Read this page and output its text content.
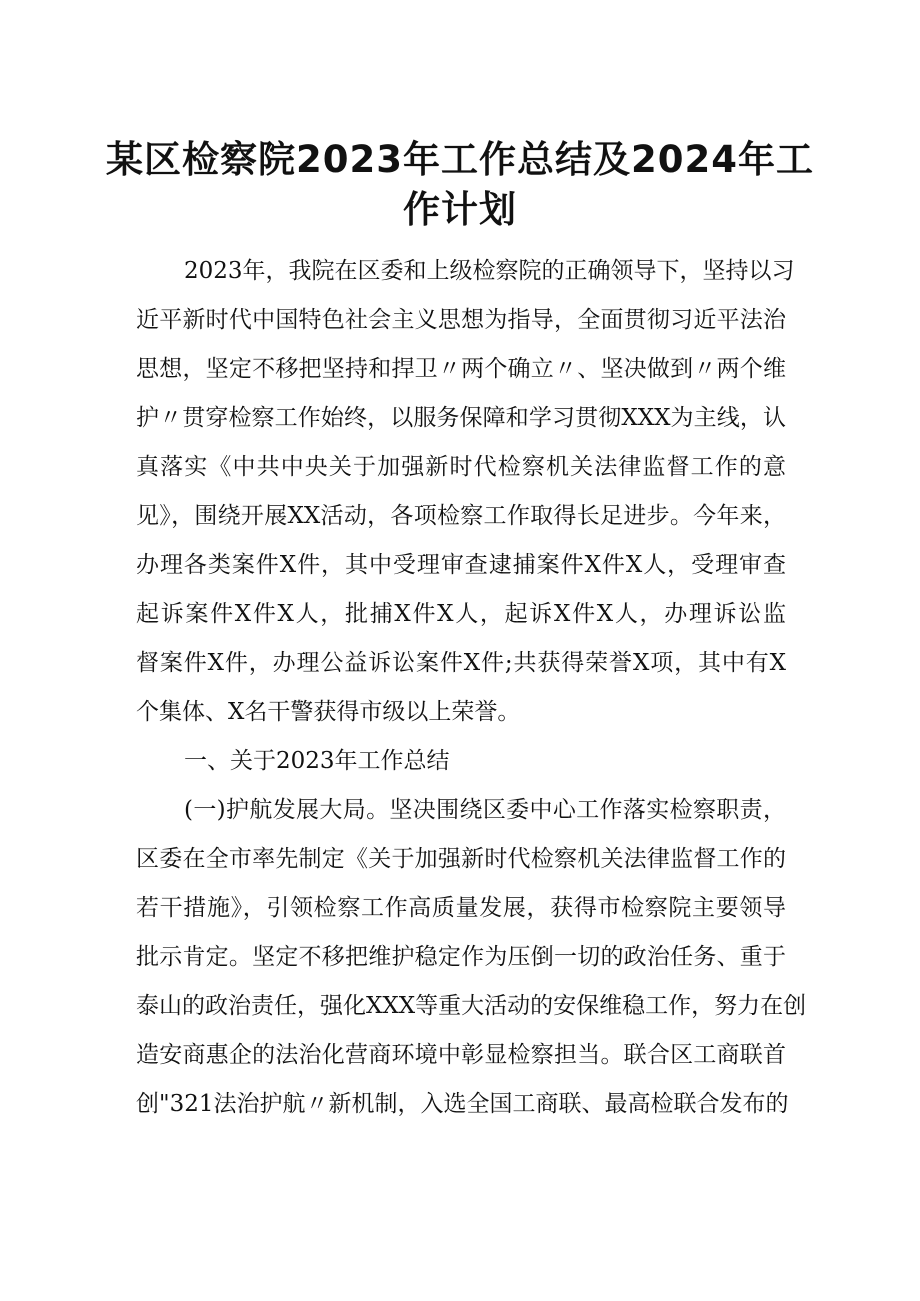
某区检察院2023年工作总结及2024年工
作计划
2023年，我院在区委和上级检察院的正确领导下，坚持以习
近平新时代中国特色社会主义思想为指导，全面贯彻习近平法治
思想，坚定不移把坚持和捍卫〃两个确立〃、坚决做到〃两个维
护〃贯穿检察工作始终，以服务保障和学习贯彻XXX为主线，认
真落实《中共中央关于加强新时代检察机关法律监督工作的意
见》，围绕开展XX活动，各项检察工作取得长足进步。今年来，
办理各类案件X件，其中受理审查逮捕案件X件X人，受理审查
起诉案件X件X人，批捕X件X人，起诉X件X人，办理诉讼监
督案件X件，办理公益诉讼案件X件;共获得荣誉X项，其中有X
个集体、X名干警获得市级以上荣誉。
一、关于2023年工作总结
(一)护航发展大局。坚决围绕区委中心工作落实检察职责，
区委在全市率先制定《关于加强新时代检察机关法律监督工作的
若干措施》，引领检察工作高质量发展，获得市检察院主要领导
批示肯定。坚定不移把维护稳定作为压倒一切的政治任务、重于
泰山的政治责任，强化XXX等重大活动的安保维稳工作，努力在创
造安商惠企的法治化营商环境中彰显检察担当。联合区工商联首
创"321法治护航〃新机制，入选全国工商联、最高检联合发布的
